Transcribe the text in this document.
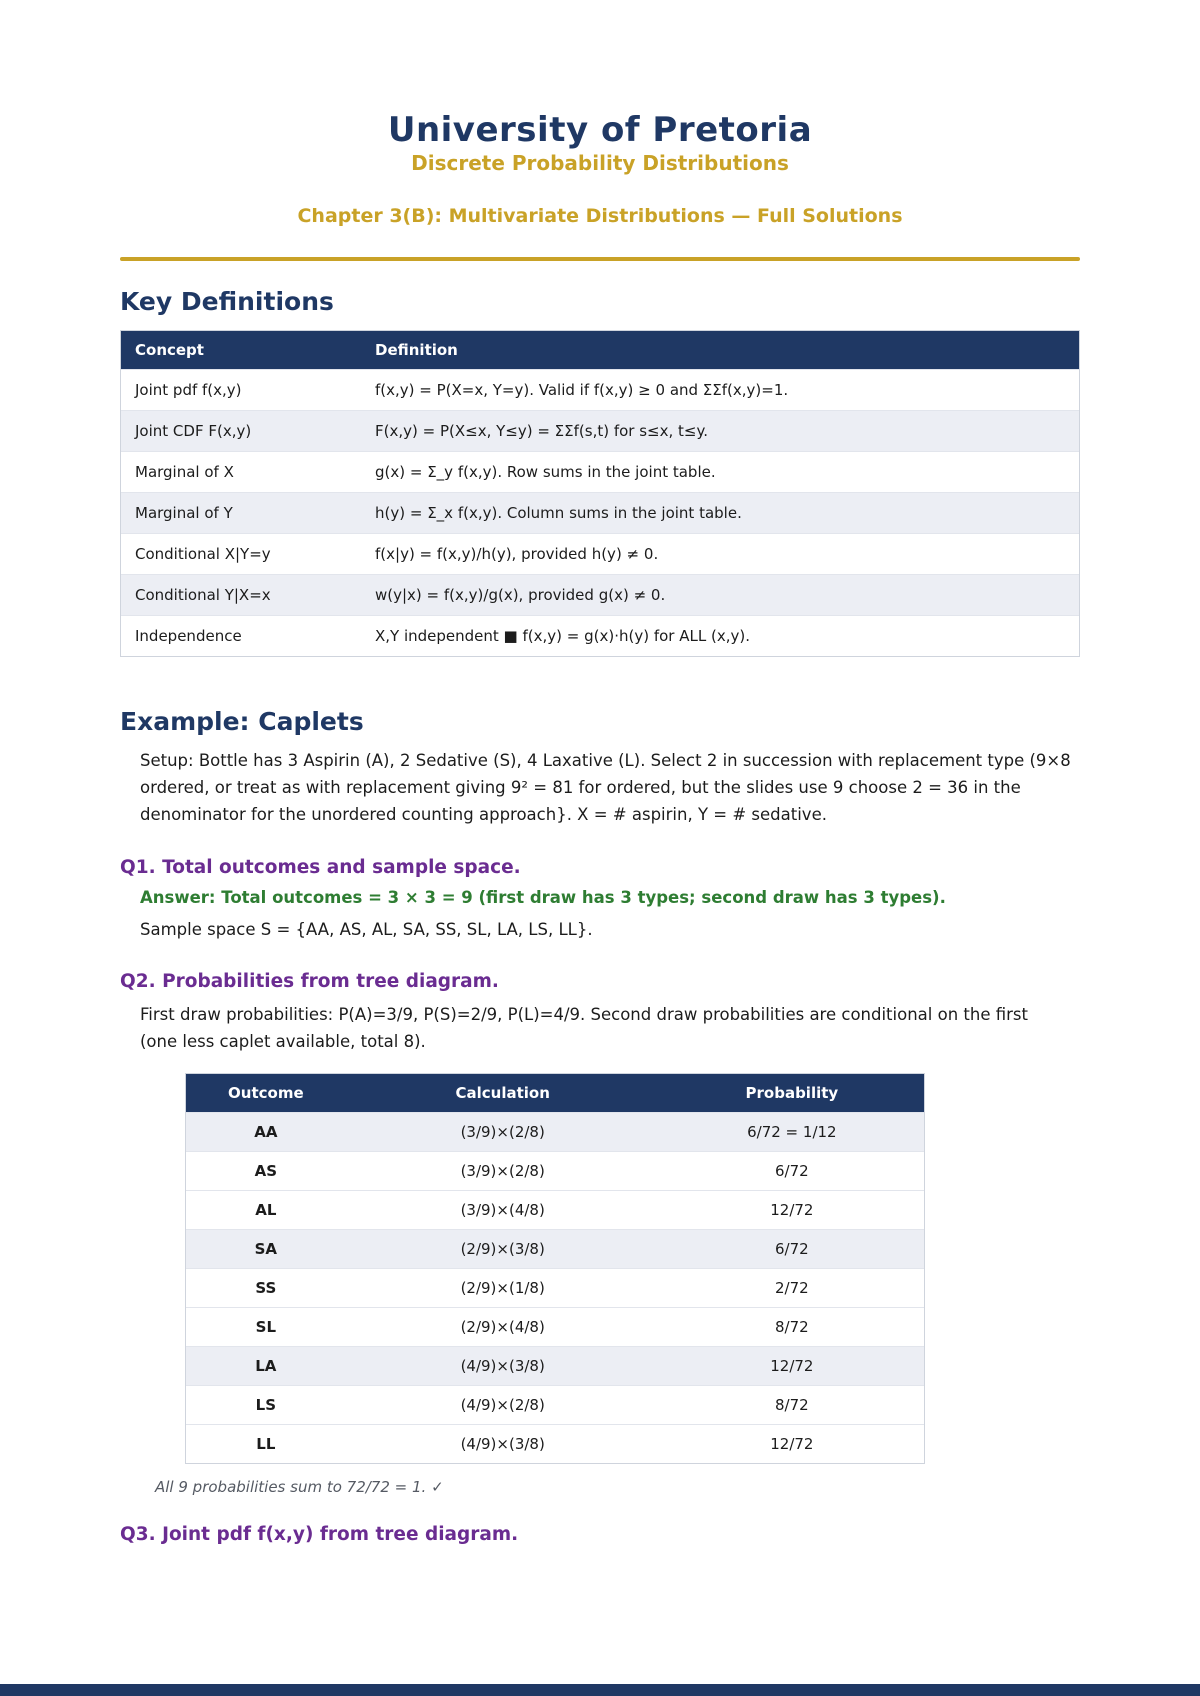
University of Pretoria
Discrete Probability Distributions
Chapter 3(B): Multivariate Distributions — Full Solutions
Key Definitions
Concept	Definition
Joint pdf f(x,y)	f(x,y) = P(X=x, Y=y). Valid if f(x,y) ≥ 0 and ΣΣf(x,y)=1.
Joint CDF F(x,y)	F(x,y) = P(X≤x, Y≤y) = ΣΣf(s,t) for s≤x, t≤y.
Marginal of X	g(x) = Σ_y f(x,y). Row sums in the joint table.
Marginal of Y	h(y) = Σ_x f(x,y). Column sums in the joint table.
Conditional X|Y=y	f(x|y) = f(x,y)/h(y), provided h(y) ≠ 0.
Conditional Y|X=x	w(y|x) = f(x,y)/g(x), provided g(x) ≠ 0.
Independence	X,Y independent ■ f(x,y) = g(x)·h(y) for ALL (x,y).
Example: Caplets
Setup: Bottle has 3 Aspirin (A), 2 Sedative (S), 4 Laxative (L). Select 2 in succession with replacement type (9×8 ordered, or treat as with replacement giving 9² = 81 for ordered, but the slides use 9 choose 2 = 36 in the denominator for the unordered counting approach}. X = # aspirin, Y = # sedative.
Q1. Total outcomes and sample space.
Answer: Total outcomes = 3 × 3 = 9 (first draw has 3 types; second draw has 3 types).
Sample space S = {AA, AS, AL, SA, SS, SL, LA, LS, LL}.
Q2. Probabilities from tree diagram.
First draw probabilities: P(A)=3/9, P(S)=2/9, P(L)=4/9. Second draw probabilities are conditional on the first (one less caplet available, total 8).
Outcome	Calculation	Probability
AA	(3/9)×(2/8)	6/72 = 1/12
AS	(3/9)×(2/8)	6/72
AL	(3/9)×(4/8)	12/72
SA	(2/9)×(3/8)	6/72
SS	(2/9)×(1/8)	2/72
SL	(2/9)×(4/8)	8/72
LA	(4/9)×(3/8)	12/72
LS	(4/9)×(2/8)	8/72
LL	(4/9)×(3/8)	12/72
All 9 probabilities sum to 72/72 = 1. ✓
Q3. Joint pdf f(x,y) from tree diagram.
